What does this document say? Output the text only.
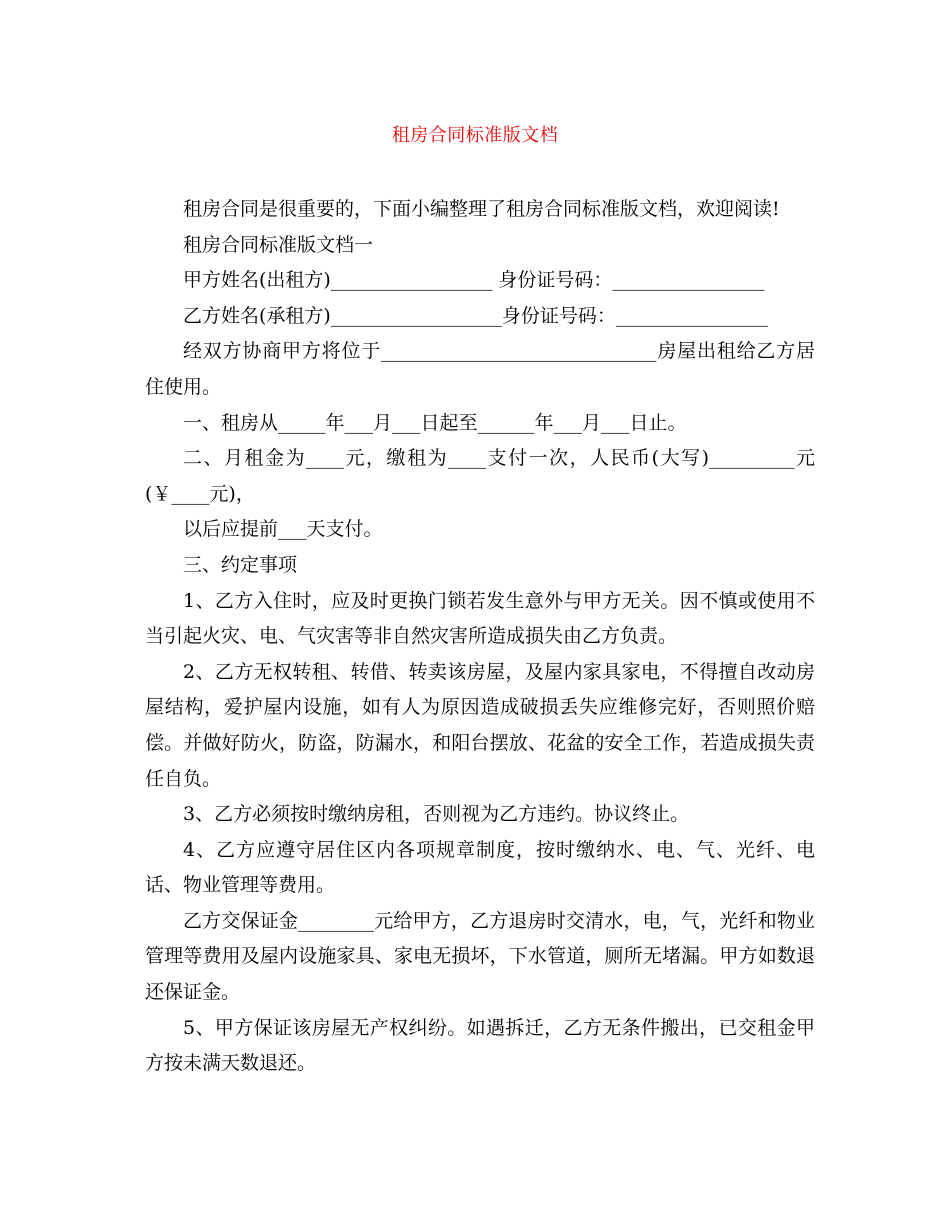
租房合同标准版文档

租房合同是很重要的，下面小编整理了租房合同标准版文档，欢迎阅读!

租房合同标准版文档一

甲方姓名(出租方)_________________ 身份证号码：________________

乙方姓名(承租方)__________________身份证号码：________________

经双方协商甲方将位于_____________________________房屋出租给乙方居住使用。

一、租房从_____年___月___日起至______年___月___日止。

二、月租金为____元，缴租为____支付一次，人民币(大写)_________元(￥____元)，

以后应提前___天支付。

三、约定事项

1、乙方入住时，应及时更换门锁若发生意外与甲方无关。因不慎或使用不当引起火灾、电、气灾害等非自然灾害所造成损失由乙方负责。

2、乙方无权转租、转借、转卖该房屋，及屋内家具家电，不得擅自改动房屋结构，爱护屋内设施，如有人为原因造成破损丢失应维修完好，否则照价赔偿。并做好防火，防盗，防漏水，和阳台摆放、花盆的安全工作，若造成损失责任自负。

3、乙方必须按时缴纳房租，否则视为乙方违约。协议终止。

4、乙方应遵守居住区内各项规章制度，按时缴纳水、电、气、光纤、电话、物业管理等费用。

乙方交保证金________元给甲方，乙方退房时交清水，电，气，光纤和物业管理等费用及屋内设施家具、家电无损坏，下水管道，厕所无堵漏。甲方如数退还保证金。

5、甲方保证该房屋无产权纠纷。如遇拆迁，乙方无条件搬出，已交租金甲方按未满天数退还。
